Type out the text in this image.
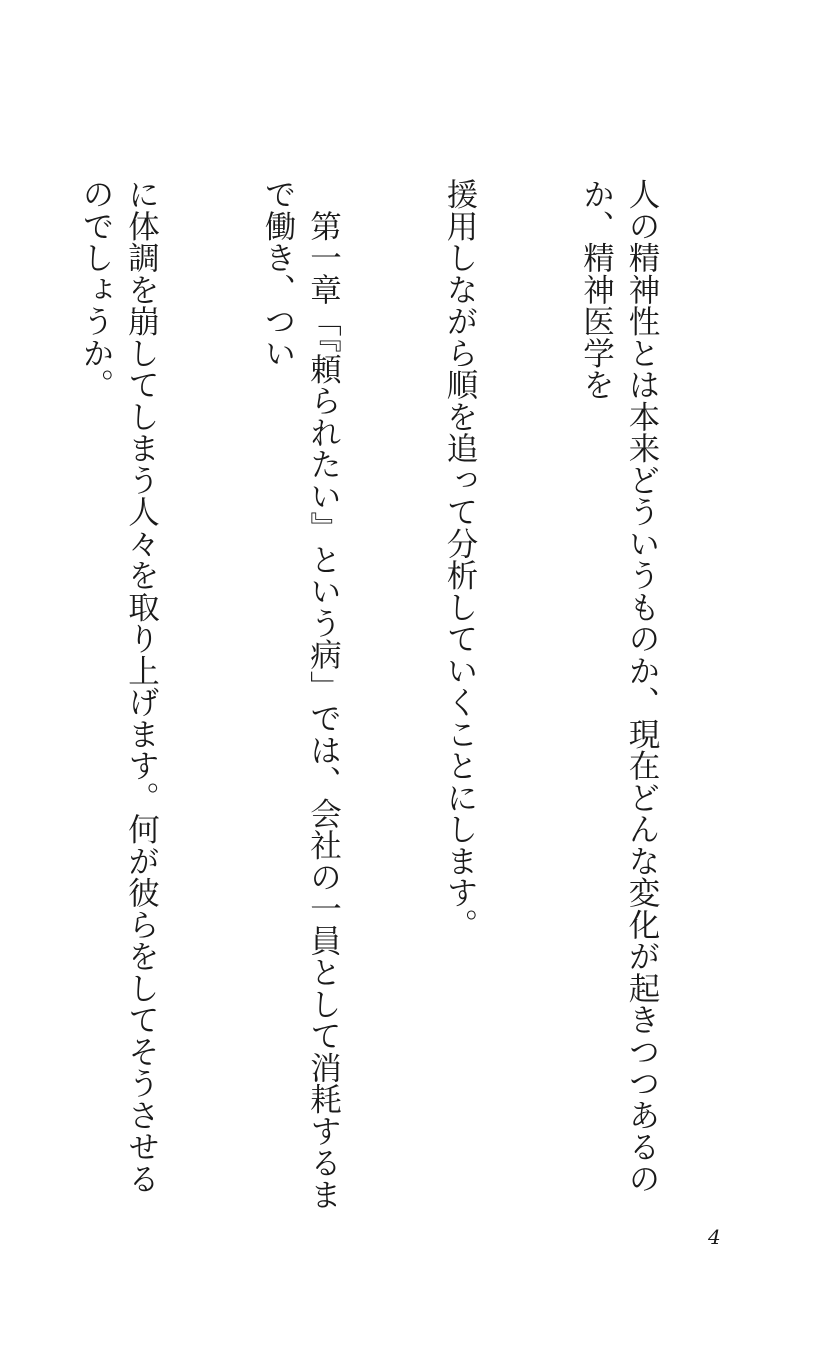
人の精神性とは本来どういうものか、現在どんな変化が起きつつあるのか、精神医学を

援用しながら順を追って分析していくことにします。

　第一章「『頼られたい』という病」では、会社の一員として消耗するまで働き、つい

に体調を崩してしまう人々を取り上げます。何が彼らをしてそうさせるのでしょうか。

4
